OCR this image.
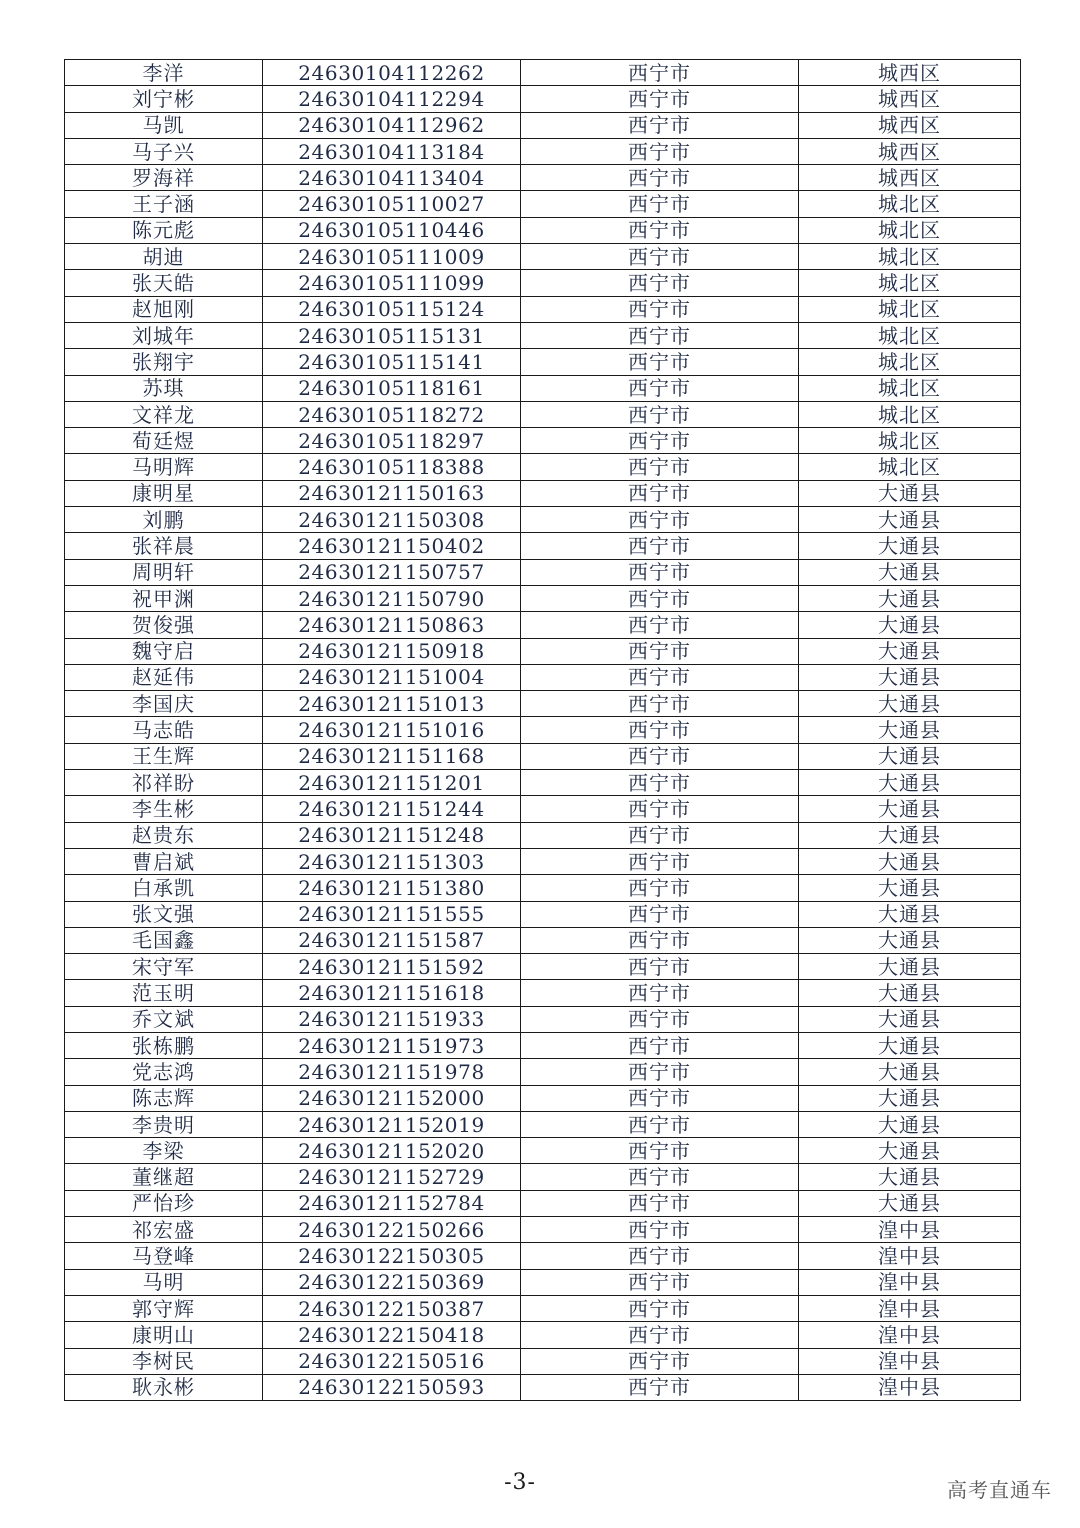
李洋	24630104112262	西宁市	城西区
刘宁彬	24630104112294	西宁市	城西区
马凯	24630104112962	西宁市	城西区
马子兴	24630104113184	西宁市	城西区
罗海祥	24630104113404	西宁市	城西区
王子涵	24630105110027	西宁市	城北区
陈元彪	24630105110446	西宁市	城北区
胡迪	24630105111009	西宁市	城北区
张天皓	24630105111099	西宁市	城北区
赵旭刚	24630105115124	西宁市	城北区
刘城年	24630105115131	西宁市	城北区
张翔宇	24630105115141	西宁市	城北区
苏琪	24630105118161	西宁市	城北区
文祥龙	24630105118272	西宁市	城北区
荀廷煜	24630105118297	西宁市	城北区
马明辉	24630105118388	西宁市	城北区
康明星	24630121150163	西宁市	大通县
刘鹏	24630121150308	西宁市	大通县
张祥晨	24630121150402	西宁市	大通县
周明轩	24630121150757	西宁市	大通县
祝甲渊	24630121150790	西宁市	大通县
贺俊强	24630121150863	西宁市	大通县
魏守启	24630121150918	西宁市	大通县
赵延伟	24630121151004	西宁市	大通县
李国庆	24630121151013	西宁市	大通县
马志皓	24630121151016	西宁市	大通县
王生辉	24630121151168	西宁市	大通县
祁祥盼	24630121151201	西宁市	大通县
李生彬	24630121151244	西宁市	大通县
赵贵东	24630121151248	西宁市	大通县
曹启斌	24630121151303	西宁市	大通县
白承凯	24630121151380	西宁市	大通县
张文强	24630121151555	西宁市	大通县
毛国鑫	24630121151587	西宁市	大通县
宋守军	24630121151592	西宁市	大通县
范玉明	24630121151618	西宁市	大通县
乔文斌	24630121151933	西宁市	大通县
张栋鹏	24630121151973	西宁市	大通县
党志鸿	24630121151978	西宁市	大通县
陈志辉	24630121152000	西宁市	大通县
李贵明	24630121152019	西宁市	大通县
李梁	24630121152020	西宁市	大通县
董继超	24630121152729	西宁市	大通县
严怡珍	24630121152784	西宁市	大通县
祁宏盛	24630122150266	西宁市	湟中县
马登峰	24630122150305	西宁市	湟中县
马明	24630122150369	西宁市	湟中县
郭守辉	24630122150387	西宁市	湟中县
康明山	24630122150418	西宁市	湟中县
李树民	24630122150516	西宁市	湟中县
耿永彬	24630122150593	西宁市	湟中县
-3-	高考直通车
